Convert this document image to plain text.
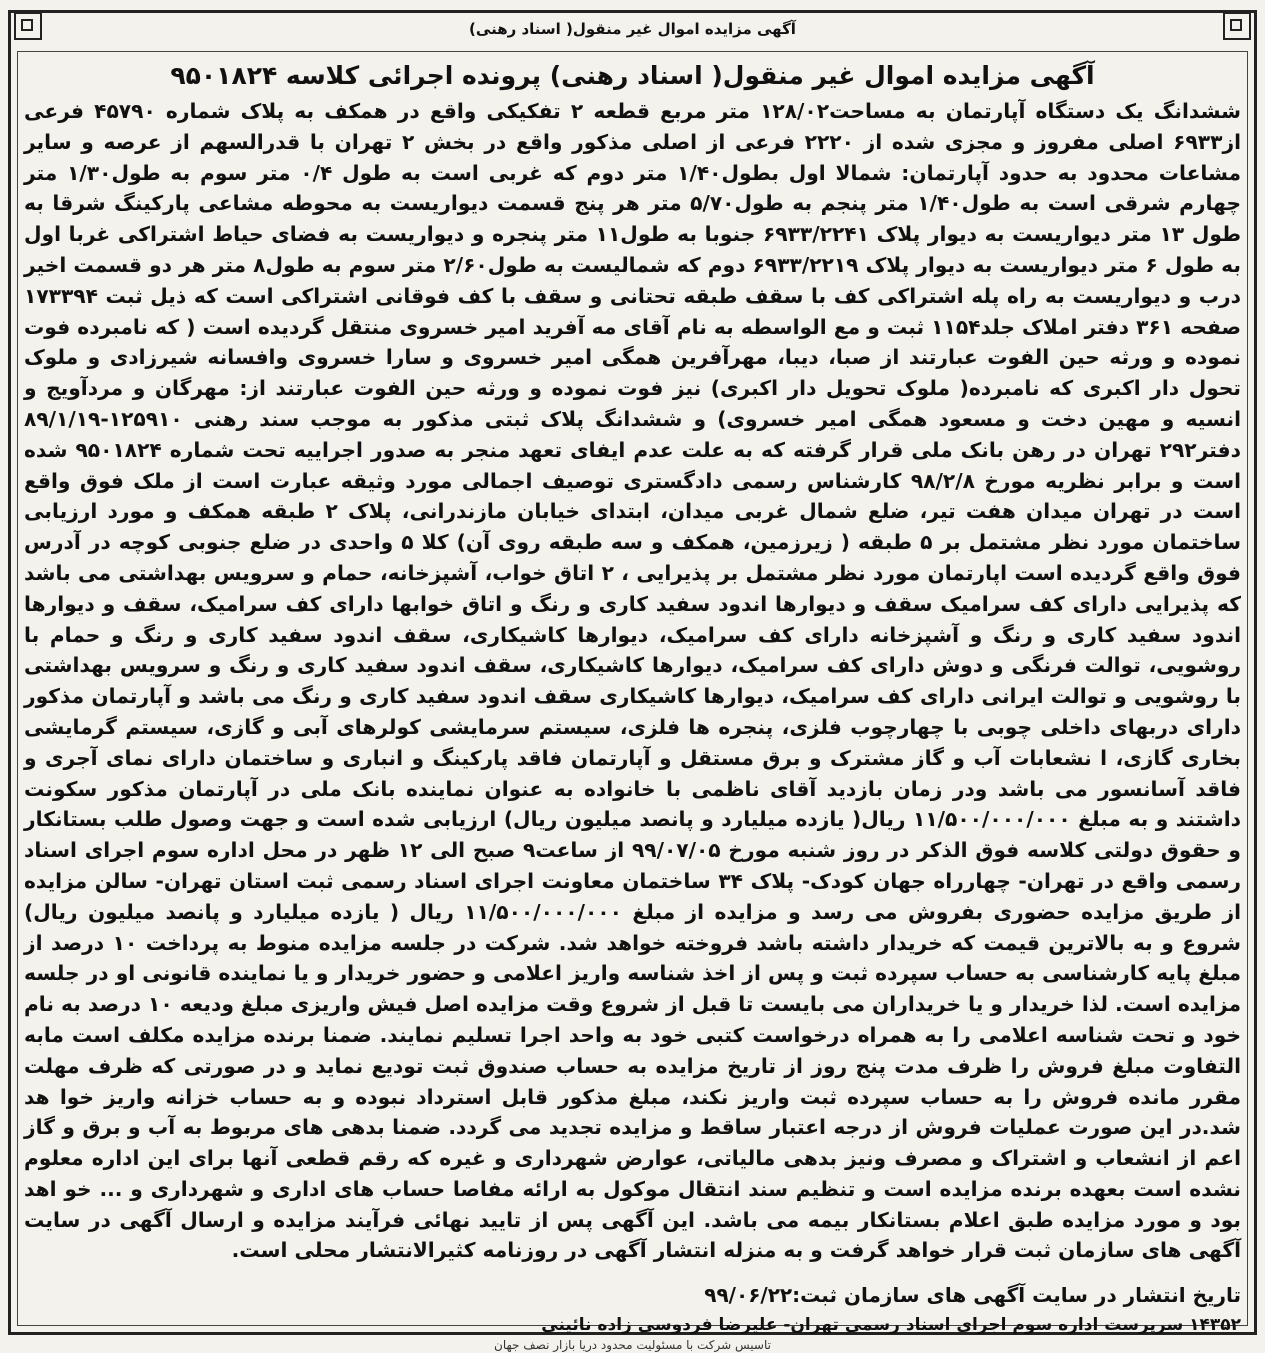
آگهی مزایده اموال غیر منقول( اسناد رهنی)
آگهی مزایده اموال غیر منقول( اسناد رهنی) پرونده اجرائی کلاسه ۹۵۰۱۸۲۴

ششدانگ یک دستگاه آپارتمان به مساحت۱۲۸/۰۲ متر مربع قطعه ۲ تفکیکی واقع در همکف به پلاک شماره ۴۵۷۹۰ فرعی از۶۹۳۳ اصلی مفروز و مجزی شده از ۲۲۲۰ فرعی از اصلی مذکور واقع در بخش ۲ تهران با قدرالسهم از عرصه و سایر مشاعات محدود به حدود آپارتمان: شمالا اول بطول۱/۴۰ متر دوم که غربی است به طول ۰/۴ متر سوم به طول۱/۳۰ متر چهارم شرقی است به طول۱/۴۰ متر پنجم به طول۵/۷۰ متر هر پنج قسمت دیواریست به محوطه مشاعی پارکینگ شرقا به طول ۱۳ متر دیواریست به دیوار پلاک ۶۹۳۳/۲۲۴۱ جنوبا به طول۱۱ متر پنجره و دیواریست به فضای حیاط اشتراکی غربا اول به طول ۶ متر دیواریست به دیوار پلاک ۶۹۳۳/۲۲۱۹ دوم که شمالیست به طول۲/۶۰ متر سوم به طول۸ متر هر دو قسمت اخیر درب و دیواریست به راه پله اشتراکی کف با سقف طبقه تحتانی و سقف با کف فوقانی اشتراکی است که ذیل ثبت ۱۷۳۳۹۴ صفحه ۳۶۱ دفتر املاک جلد۱۱۵۴ ثبت و مع الواسطه به نام آقای مه آفرید امیر خسروی منتقل گردیده است ( که نامبرده فوت نموده و ورثه حین الفوت عبارتند از صبا، دیبا، مهرآفرین همگی امیر خسروی و سارا خسروی وافسانه شیرزادی و ملوک تحول دار اکبری که نامبرده( ملوک تحویل دار اکبری) نیز فوت نموده و ورثه حین الفوت عبارتند از: مهرگان و مردآویج و انسیه و مهین دخت و مسعود همگی امیر خسروی) و ششدانگ پلاک ثبتی مذکور به موجب سند رهنی ۱۲۵۹۱۰-۸۹/۱/۱۹ دفتر۲۹۲ تهران در رهن بانک ملی قرار گرفته که به علت عدم ایفای تعهد منجر به صدور اجراییه تحت شماره ۹۵۰۱۸۲۴ شده است و برابر نظریه مورخ ۹۸/۲/۸ کارشناس رسمی دادگستری توصیف اجمالی مورد وثیقه عبارت است از ملک فوق واقع است در تهران میدان هفت تیر، ضلع شمال غربی میدان، ابتدای خیابان مازندرانی، پلاک ۲ طبقه همکف و مورد ارزیابی ساختمان مورد نظر مشتمل بر ۵ طبقه ( زیرزمین، همکف و سه طبقه روی آن) کلا ۵ واحدی در ضلع جنوبی کوچه در آدرس فوق واقع گردیده است اپارتمان مورد نظر مشتمل بر پذیرایی ، ۲ اتاق خواب، آشپزخانه، حمام و سرویس بهداشتی می باشد که پذیرایی دارای کف سرامیک سقف و دیوارها اندود سفید کاری و رنگ و اتاق خوابها دارای کف سرامیک، سقف و دیوارها اندود سفید کاری و رنگ و آشپزخانه دارای کف سرامیک، دیوارها کاشیکاری، سقف اندود سفید کاری و رنگ و حمام با روشویی، توالت فرنگی و دوش دارای کف سرامیک، دیوارها کاشیکاری، سقف اندود سفید کاری و رنگ و سرویس بهداشتی با روشویی و توالت ایرانی دارای کف سرامیک، دیوارها کاشیکاری سقف اندود سفید کاری و رنگ می باشد و آپارتمان مذکور دارای دربهای داخلی چوبی با چهارچوب فلزی، پنجره ها فلزی، سیستم سرمایشی کولرهای آبی و گازی، سیستم گرمایشی بخاری گازی، ا نشعابات آب و گاز مشترک و برق مستقل و آپارتمان فاقد پارکینگ و انباری و ساختمان دارای نمای آجری و فاقد آسانسور می باشد ودر زمان بازدید آقای ناظمی با خانواده به عنوان نماینده بانک ملی در آپارتمان مذکور سکونت داشتند و به مبلغ ۱۱/۵۰۰/۰۰۰/۰۰۰ ریال( یازده میلیارد و پانصد میلیون ریال) ارزیابی شده است و جهت وصول طلب بستانکار و حقوق دولتی کلاسه فوق الذکر در روز شنبه مورخ ۹۹/۰۷/۰۵ از ساعت۹ صبح الی ۱۲ ظهر در محل اداره سوم اجرای اسناد رسمی واقع در تهران- چهارراه جهان کودک- پلاک ۳۴ ساختمان معاونت اجرای اسناد رسمی ثبت استان تهران- سالن مزایده از طریق مزایده حضوری بفروش می رسد و مزایده از مبلغ ۱۱/۵۰۰/۰۰۰/۰۰۰ ریال ( یازده میلیارد و پانصد میلیون ریال) شروع و به بالاترین قیمت که خریدار داشته باشد فروخته خواهد شد. شرکت در جلسه مزایده منوط به پرداخت ۱۰ درصد از مبلغ پایه کارشناسی به حساب سپرده ثبت و پس از اخذ شناسه واریز اعلامی و حضور خریدار و یا نماینده قانونی او در جلسه مزایده است. لذا خریدار و یا خریداران می بایست تا قبل از شروع وقت مزایده اصل فیش واریزی مبلغ ودیعه ۱۰ درصد به نام خود و تحت شناسه اعلامی را به همراه درخواست کتبی خود به واحد اجرا تسلیم نمایند. ضمنا برنده مزایده مکلف است مابه التفاوت مبلغ فروش را ظرف مدت پنج روز از تاریخ مزایده به حساب صندوق ثبت تودیع نماید و در صورتی که ظرف مهلت مقرر مانده فروش را به حساب سپرده ثبت واریز نکند، مبلغ مذکور قابل استرداد نبوده و به حساب خزانه واریز خوا هد شد.در این صورت عملیات فروش از درجه اعتبار ساقط و مزایده تجدید می گردد. ضمنا بدهی های مربوط به آب و برق و گاز اعم از انشعاب و اشتراک و مصرف ونیز بدهی مالیاتی، عوارض شهرداری و غیره که رقم قطعی آنها برای این اداره معلوم نشده است بعهده برنده مزایده است و تنظیم سند انتقال موکول به ارائه مفاصا حساب های اداری و شهرداری و ... خو اهد بود و مورد مزایده طبق اعلام بستانکار بیمه می باشد. این آگهی پس از تایید نهائی فرآیند مزایده و ارسال آگهی در سایت آگهی های سازمان ثبت قرار خواهد گرفت و به منزله انتشار آگهی در روزنامه کثیرالانتشار محلی است.

تاریخ انتشار در سایت آگهی های سازمان ثبت:۹۹/۰۶/۲۲
۱۴۳۵۲ سرپرست اداره سوم اجرای اسناد رسمی تهران- علیرضا فردوسی زاده نائینی
تاسیس شرکت با مسئولیت محدود دریا بازار نصف جهان
